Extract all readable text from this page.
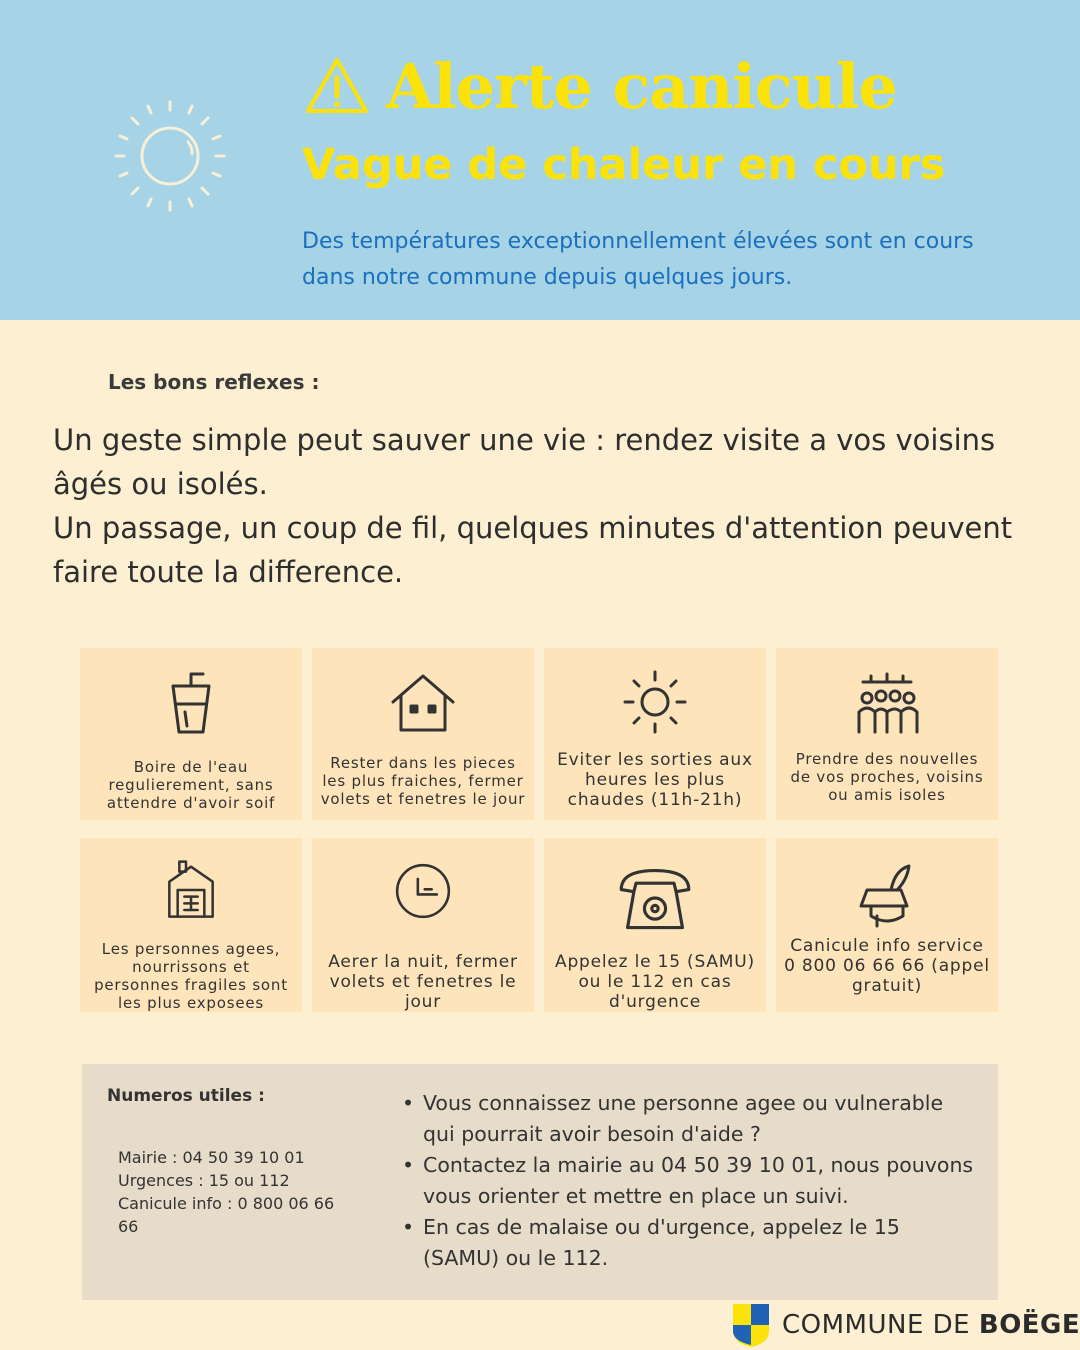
Alerte canicule
Vague de chaleur en cours

Des températures exceptionnellement élevées sont en cours dans notre commune depuis quelques jours.

Les bons reflexes :

Un geste simple peut sauver une vie : rendez visite a vos voisins âgés ou isolés.

Un passage, un coup de fil, quelques minutes d'attention peuvent faire toute la difference.

Boire de l'eau regulierement, sans attendre d'avoir soif
Rester dans les pieces les plus fraiches, fermer volets et fenetres le jour
Eviter les sorties aux heures les plus chaudes (11h-21h)
Prendre des nouvelles de vos proches, voisins ou amis isoles
Les personnes agees, nourrissons et personnes fragiles sont les plus exposees
Aerer la nuit, fermer volets et fenetres le jour
Appelez le 15 (SAMU) ou le 112 en cas d'urgence
Canicule info service 0 800 06 66 66 (appel gratuit)
Numeros utiles :
Mairie : 04 50 39 10 01
Urgences : 15 ou 112
Canicule info : 0 800 06 66 66
• Vous connaissez une personne agee ou vulnerable qui pourrait avoir besoin d'aide ?
• Contactez la mairie au 04 50 39 10 01, nous pouvons vous orienter et mettre en place un suivi.
• En cas de malaise ou d'urgence, appelez le 15 (SAMU) ou le 112.
COMMUNE DE BOËGE
